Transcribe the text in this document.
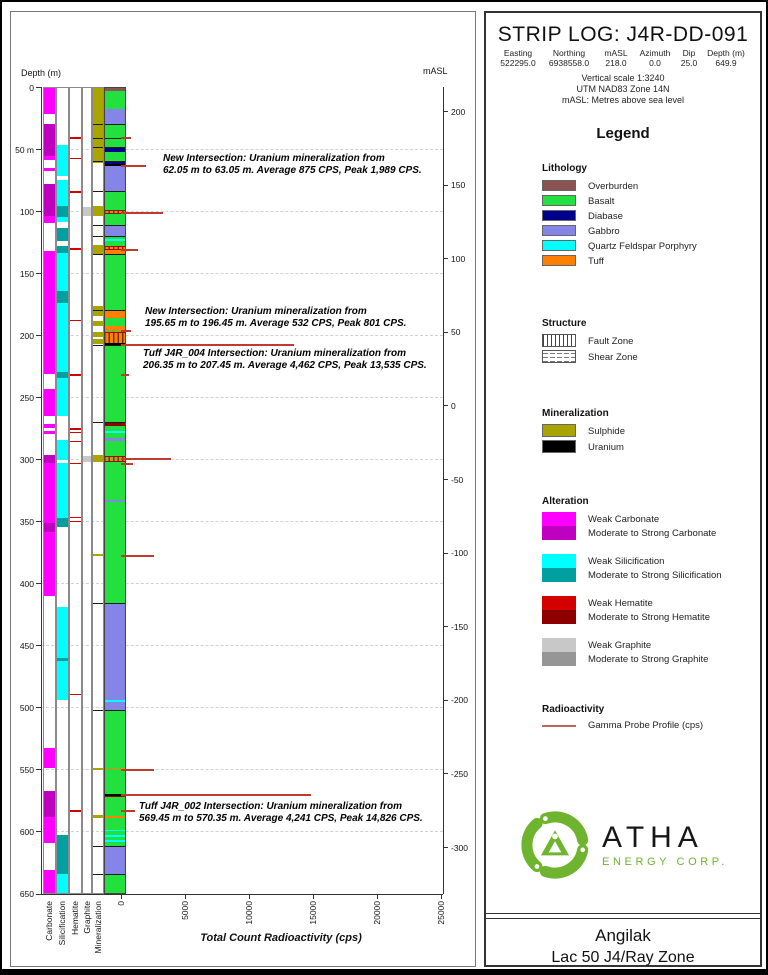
Depth (m)	mASL
0
50 m
100
150
200
250
300
350
400
450
500
550
600
650
200
150
100
50
0
-50
-100
-150
-200
-250
-300
0	5000	10000	15000	20000	25000
Carbonate Silicification Hematite Graphite Mineralization
New Intersection: Uranium mineralization from
62.05 m to 63.05 m. Average 875 CPS, Peak 1,989 CPS.
New Intersection: Uranium mineralization from
195.65 m to 196.45 m. Average 532 CPS, Peak 801 CPS.
Tuff J4R_004 Intersection: Uranium mineralization from
206.35 m to 207.45 m. Average 4,462 CPS, Peak 13,535 CPS.
Tuff J4R_002 Intersection: Uranium mineralization from
569.45 m to 570.35 m. Average 4,241 CPS, Peak 14,826 CPS.
Total Count Radioactivity (cps)
STRIP LOG: J4R-DD-091
Easting	Northing	mASL	Azimuth	Dip	Depth (m)
522295.0	6938558.0	218.0	0.0	25.0	649.9
Vertical scale 1:3240
UTM NAD83 Zone 14N
mASL: Metres above sea level
Legend
Lithology
Structure
Fault Zone
Shear Zone
Mineralization
Alteration
Radioactivity
Gamma Probe Profile (cps)
ATHA
ENERGY CORP.
Angilak
Lac 50 J4/Ray Zone
Overburden
Basalt
Diabase
Gabbro
Quartz Feldspar Porphyry
Tuff
Sulphide
Uranium
Weak Carbonate
Moderate to Strong Carbonate
Weak Silicification
Moderate to Strong Silicification
Weak Hematite
Moderate to Strong Hematite
Weak Graphite
Moderate to Strong Graphite
